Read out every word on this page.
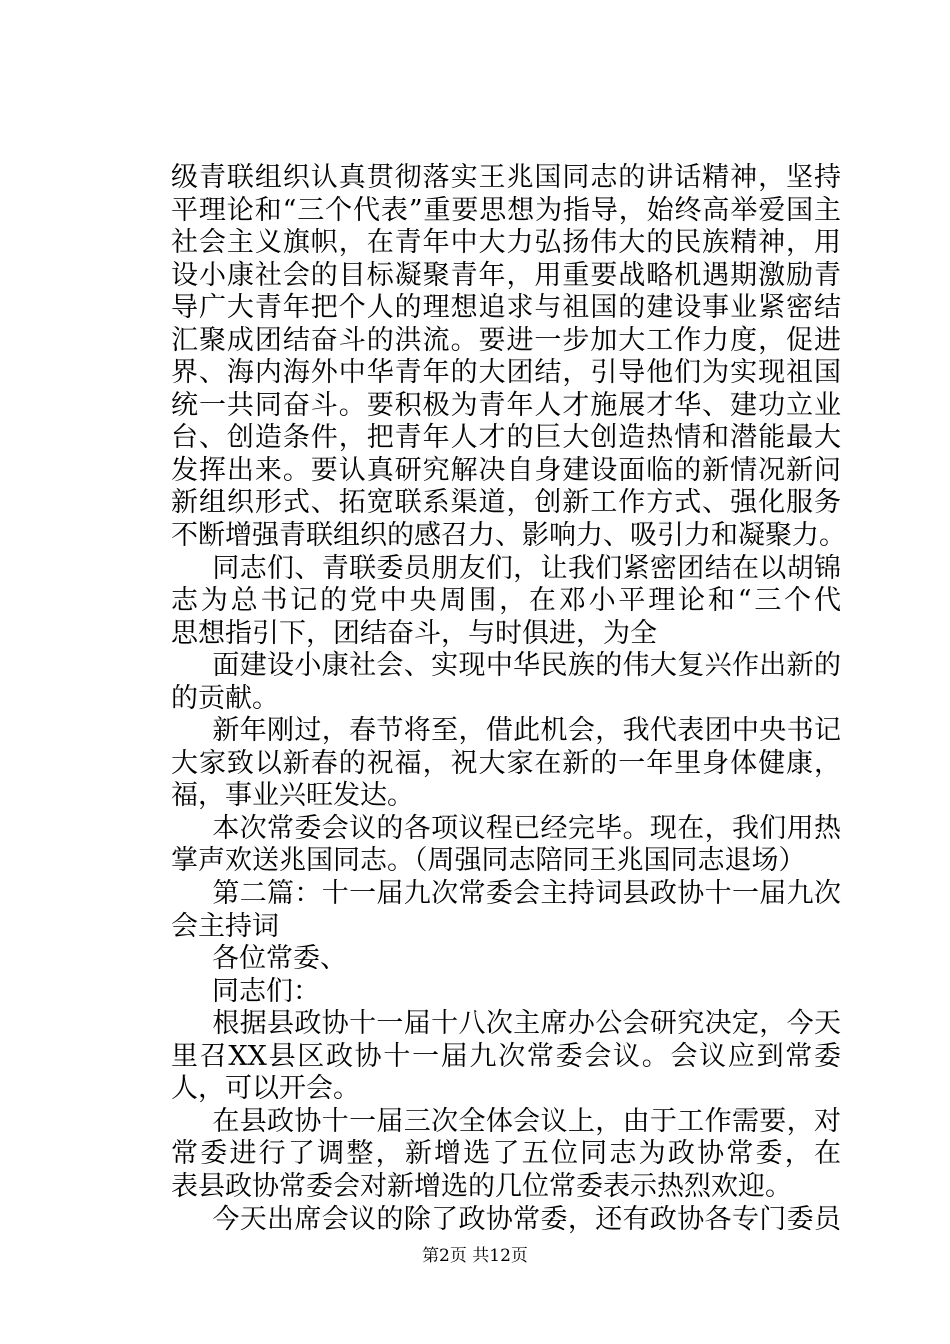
级青联组织认真贯彻落实王兆国同志的讲话精神，坚持
平理论和“三个代表”重要思想为指导，始终高举爱国主
社会主义旗帜，在青年中大力弘扬伟大的民族精神，用
设小康社会的目标凝聚青年，用重要战略机遇期激励青
导广大青年把个人的理想追求与祖国的建设事业紧密结
汇聚成团结奋斗的洪流。要进一步加大工作力度，促进
界、海内海外中华青年的大团结，引导他们为实现祖国
统一共同奋斗。要积极为青年人才施展才华、建功立业
台、创造条件，把青年人才的巨大创造热情和潜能最大
发挥出来。要认真研究解决自身建设面临的新情况新问
新组织形式、拓宽联系渠道，创新工作方式、强化服务
不断增强青联组织的感召力、影响力、吸引力和凝聚力。
　同志们、青联委员朋友们，让我们紧密团结在以胡锦
志为总书记的党中央周围，在邓小平理论和“三个代
思想指引下，团结奋斗，与时俱进，为全
　面建设小康社会、实现中华民族的伟大复兴作出新的
的贡献。
　新年刚过，春节将至，借此机会，我代表团中央书记
大家致以新春的祝福，祝大家在新的一年里身体健康，
福，事业兴旺发达。
　本次常委会议的各项议程已经完毕。现在，我们用热
掌声欢送兆国同志。（周强同志陪同王兆国同志退场）
　第二篇：十一届九次常委会主持词县政协十一届九次
会主持词
　各位常委、
　同志们：
　根据县政协十一届十八次主席办公会研究决定，今天
里召XX县区政协十一届九次常委会议。会议应到常委
人，可以开会。
　在县政协十一届三次全体会议上，由于工作需要，对
常委进行了调整，新增选了五位同志为政协常委，在
表县政协常委会对新增选的几位常委表示热烈欢迎。
　今天出席会议的除了政协常委，还有政协各专门委员
第2页 共12页
